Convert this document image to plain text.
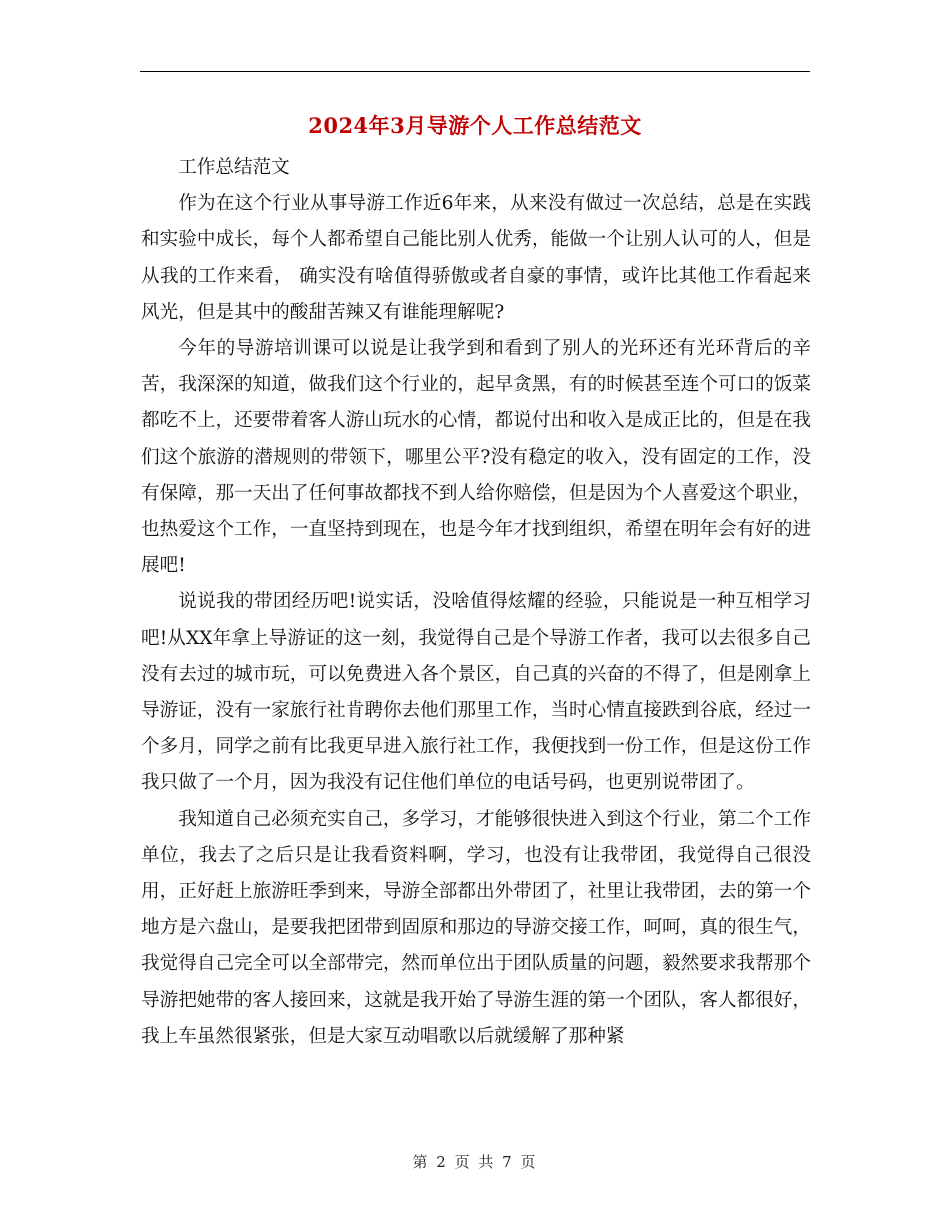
2024年3月导游个人工作总结范文

工作总结范文

作为在这个行业从事导游工作近6年来，从来没有做过一次总结，总是在实践和实验中成长，每个人都希望自己能比别人优秀，能做一个让别人认可的人，但是从我的工作来看， 确实没有啥值得骄傲或者自豪的事情，或许比其他工作看起来风光，但是其中的酸甜苦辣又有谁能理解呢?

今年的导游培训课可以说是让我学到和看到了别人的光环还有光环背后的辛苦，我深深的知道，做我们这个行业的，起早贪黑，有的时候甚至连个可口的饭菜都吃不上，还要带着客人游山玩水的心情，都说付出和收入是成正比的，但是在我们这个旅游的潜规则的带领下，哪里公平?没有稳定的收入，没有固定的工作，没有保障，那一天出了任何事故都找不到人给你赔偿，但是因为个人喜爱这个职业，也热爱这个工作，一直坚持到现在，也是今年才找到组织，希望在明年会有好的进展吧!

说说我的带团经历吧!说实话，没啥值得炫耀的经验，只能说是一种互相学习吧!从XX年拿上导游证的这一刻，我觉得自己是个导游工作者，我可以去很多自己没有去过的城市玩，可以免费进入各个景区，自己真的兴奋的不得了，但是刚拿上导游证，没有一家旅行社肯聘你去他们那里工作，当时心情直接跌到谷底，经过一个多月，同学之前有比我更早进入旅行社工作，我便找到一份工作，但是这份工作我只做了一个月，因为我没有记住他们单位的电话号码，也更别说带团了。

我知道自己必须充实自己，多学习，才能够很快进入到这个行业，第二个工作单位，我去了之后只是让我看资料啊，学习，也没有让我带团，我觉得自己很没用，正好赶上旅游旺季到来，导游全部都出外带团了，社里让我带团，去的第一个地方是六盘山，是要我把团带到固原和那边的导游交接工作，呵呵，真的很生气，我觉得自己完全可以全部带完，然而单位出于团队质量的问题，毅然要求我帮那个导游把她带的客人接回来，这就是我开始了导游生涯的第一个团队，客人都很好，我上车虽然很紧张，但是大家互动唱歌以后就缓解了那种紧

第 2 页 共 7 页
